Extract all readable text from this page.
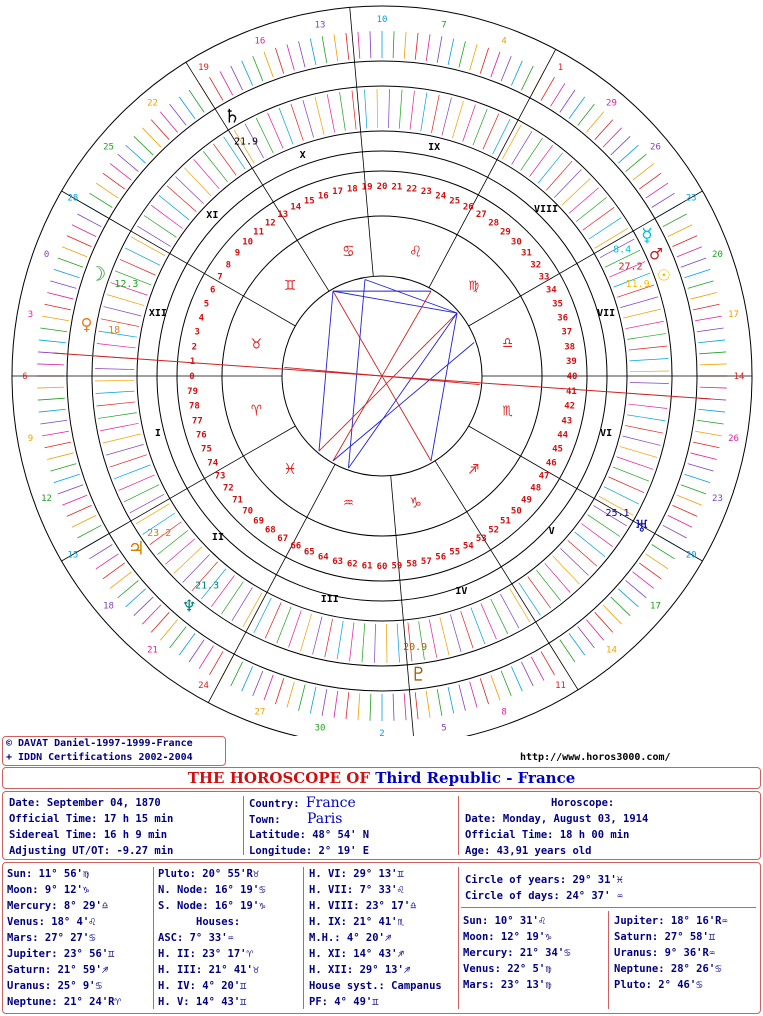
I
II
III
IV
V
VI
VII
VIII
IX
X
XI
XII
♈
♉
♊
♋	♌
♍
♎
♏
♐
♑
♒
♓
☉
11.9
☽ 12.3
☿
8.4
♀ 18
♂
27.2
♃
23.2
♄
21.9
♅
25.1
♆
21.3
♇
20.9
0
1
2
3
4
5
6
7
8
9
10
11
12
13
14
15
16 17 18 19 20 21 22 23 24
25
26
27
28
29
30
31
32
33
34
35
36
37
38
39
40
41
42
43
44
45
46
47
48
49
50
51
52
53
54
55
56
57
58
59
60
61
62
63
64
65
66
67
68
69
70
71
72
73
74
75
76
77
78
79
14
17
20
23
26
29
1
4
7
10
13
16
19
22
25
28
0
3
6
9
12
15
18
21
24
27
30
2
5
8
11
14
17
20
23
26
© DAVAT Daniel-1997-1999-France
+ IDDN Certifications 2002-2004	http://www.horos3000.com/
THE HOROSCOPE OF Third Republic - France
Date: September 04, 1870
Official Time: 17 h 15 min
Sidereal Time: 16 h 9 min
Adjusting UT/OT: -9.27 min
Country: France
Town: Paris
Latitude: 48° 54' N
Longitude: 2° 19' E
Horoscope:
Date: Monday, August 03, 1914
Official Time: 18 h 00 min
Age: 43,91 years old
Sun: 11° 56'♍
Moon: 9° 12'♑
Mercury: 8° 29'♎
Venus: 18° 4'♌
Mars: 27° 27'♋
Jupiter: 23° 56'♊
Saturn: 21° 59'♐
Uranus: 25° 9'♋
Neptune: 21° 24'R♈
Pluto: 20° 55'R♉
N. Node: 16° 19'♋
S. Node: 16° 19'♑
Houses:
ASC: 7° 33'♒
H. II: 23° 17'♈
H. III: 21° 41'♉
H. IV: 4° 20'♊
H. V: 14° 43'♊
H. VI: 29° 13'♊
H. VII: 7° 33'♌
H. VIII: 23° 17'♎
H. IX: 21° 41'♏
M.H.: 4° 20'♐
H. XI: 14° 43'♐
H. XII: 29° 13'♐
House syst.: Campanus
PF: 4° 49'♊
Circle of years: 29° 31'♓
Circle of days: 24° 37' ♒
Sun: 10° 31'♌
Moon: 12° 19'♑
Mercury: 21° 34'♋
Venus: 22° 5'♍
Mars: 23° 13'♍
Jupiter: 18° 16'R♒
Saturn: 27° 58'♊
Uranus: 9° 36'R♒
Neptune: 28° 26'♋
Pluto: 2° 46'♋
